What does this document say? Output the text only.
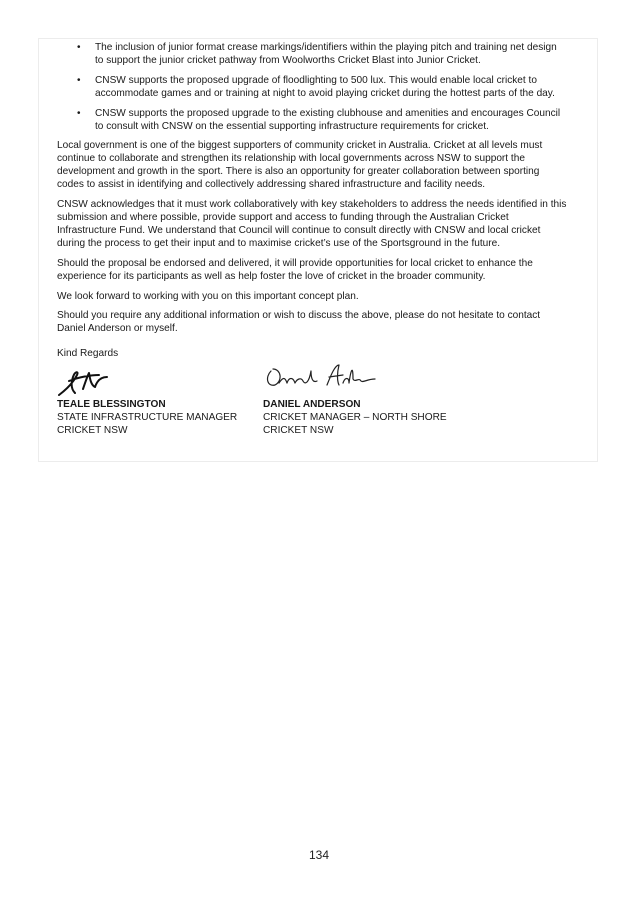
• The inclusion of junior format crease markings/identifiers within the playing pitch and training net design to support the junior cricket pathway from Woolworths Cricket Blast into Junior Cricket.
• CNSW supports the proposed upgrade of floodlighting to 500 lux. This would enable local cricket to accommodate games and or training at night to avoid playing cricket during the hottest parts of the day.
• CNSW supports the proposed upgrade to the existing clubhouse and amenities and encourages Council to consult with CNSW on the essential supporting infrastructure requirements for cricket.

Local government is one of the biggest supporters of community cricket in Australia. Cricket at all levels must continue to collaborate and strengthen its relationship with local governments across NSW to support the development and growth in the sport. There is also an opportunity for greater collaboration between sporting codes to assist in identifying and collectively addressing shared infrastructure and facility needs.

CNSW acknowledges that it must work collaboratively with key stakeholders to address the needs identified in this submission and where possible, provide support and access to funding through the Australian Cricket Infrastructure Fund. We understand that Council will continue to consult directly with CNSW and local cricket during the process to get their input and to maximise cricket’s use of the Sportsground in the future.

Should the proposal be endorsed and delivered, it will provide opportunities for local cricket to enhance the experience for its participants as well as help foster the love of cricket in the broader community.

We look forward to working with you on this important concept plan.

Should you require any additional information or wish to discuss the above, please do not hesitate to contact Daniel Anderson or myself.

Kind Regards
TEALE BLESSINGTON
STATE INFRASTRUCTURE MANAGER
CRICKET NSW
DANIEL ANDERSON
CRICKET MANAGER – NORTH SHORE
CRICKET NSW
134
